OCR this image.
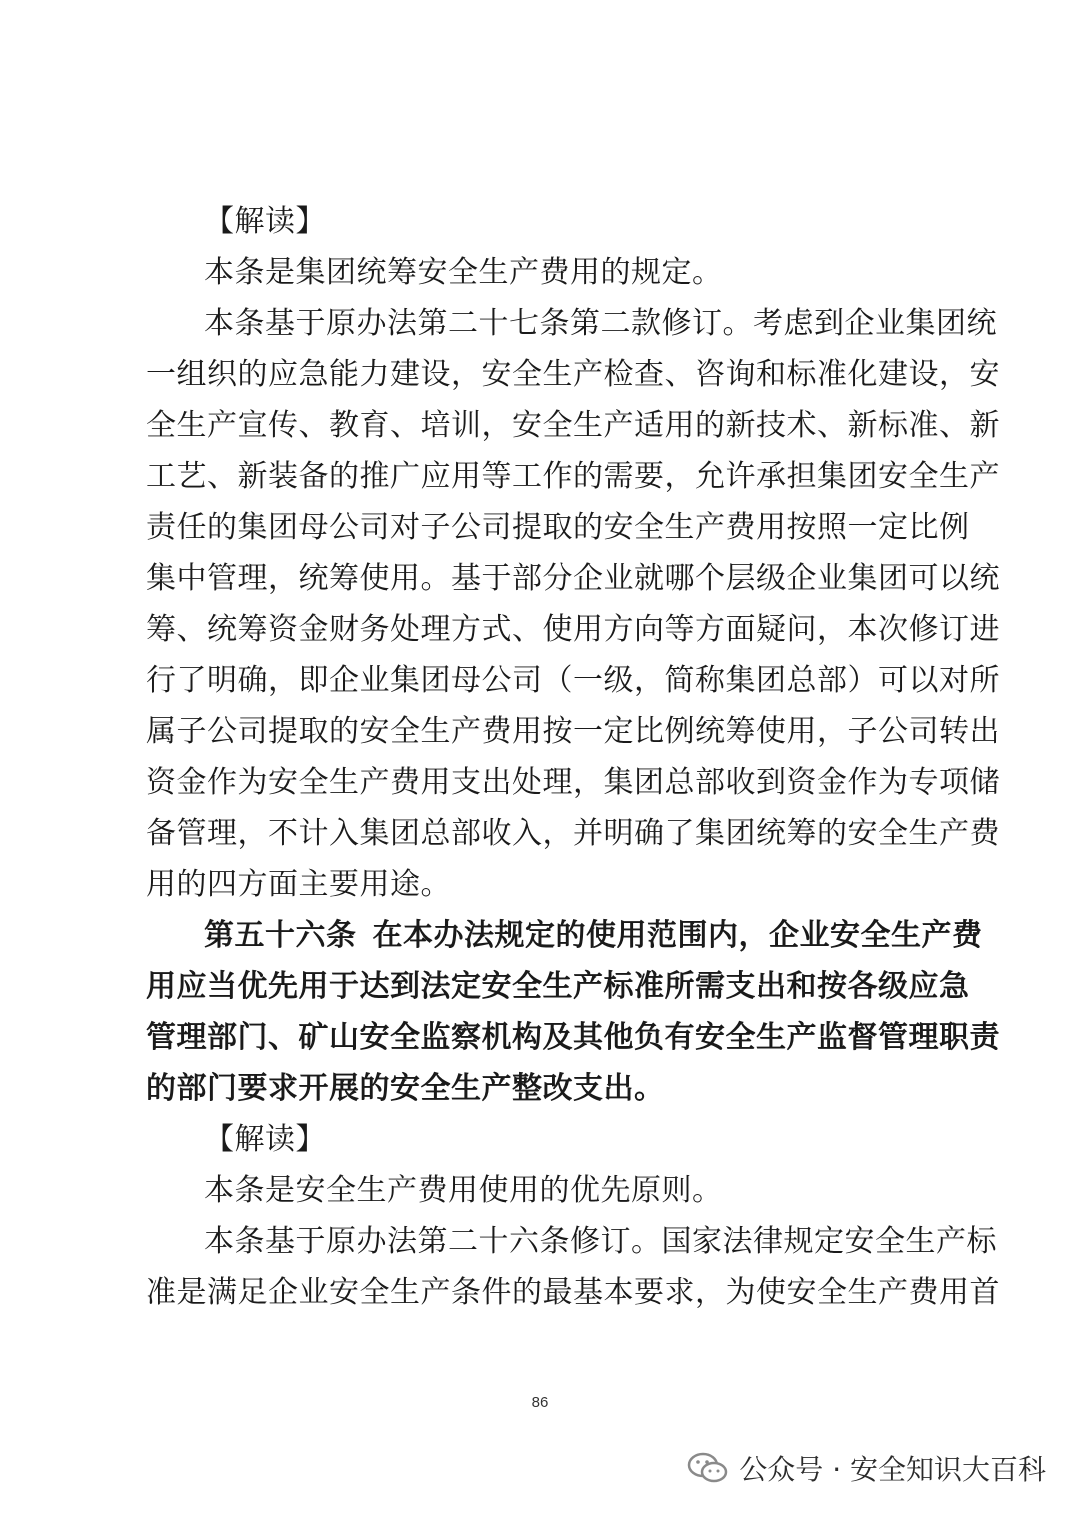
【解读】
本条是集团统筹安全生产费用的规定。
本条基于原办法第二十七条第二款修订。考虑到企业集团统
一组织的应急能力建设，安全生产检查、咨询和标准化建设，安
全生产宣传、教育、培训，安全生产适用的新技术、新标准、新
工艺、新装备的推广应用等工作的需要，允许承担集团安全生产
责任的集团母公司对子公司提取的安全生产费用按照一定比例
集中管理，统筹使用。基于部分企业就哪个层级企业集团可以统
筹、统筹资金财务处理方式、使用方向等方面疑问，本次修订进
行了明确，即企业集团母公司（一级，简称集团总部）可以对所
属子公司提取的安全生产费用按一定比例统筹使用，子公司转出
资金作为安全生产费用支出处理，集团总部收到资金作为专项储
备管理，不计入集团总部收入，并明确了集团统筹的安全生产费
用的四方面主要用途。
第五十六条 在本办法规定的使用范围内，企业安全生产费
用应当优先用于达到法定安全生产标准所需支出和按各级应急
管理部门、矿山安全监察机构及其他负有安全生产监督管理职责
的部门要求开展的安全生产整改支出。
【解读】
本条是安全生产费用使用的优先原则。
本条基于原办法第二十六条修订。国家法律规定安全生产标
准是满足企业安全生产条件的最基本要求，为使安全生产费用首
86
公众号 · 安全知识大百科
